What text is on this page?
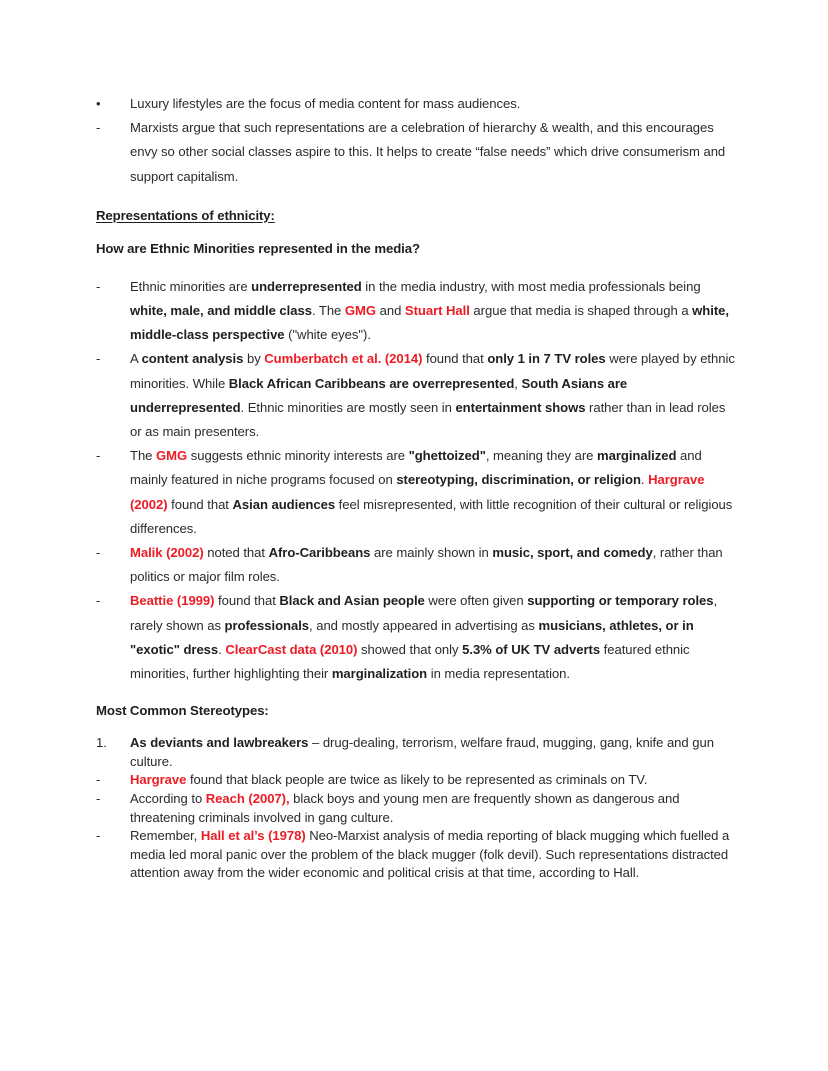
•	Luxury lifestyles are the focus of media content for mass audiences.
-	Marxists argue that such representations are a celebration of hierarchy & wealth, and this encourages envy so other social classes aspire to this. It helps to create “false needs” which drive consumerism and support capitalism.
Representations of ethnicity:
How are Ethnic Minorities represented in the media?
-	Ethnic minorities are underrepresented in the media industry, with most media professionals being white, male, and middle class. The GMG and Stuart Hall argue that media is shaped through a white, middle-class perspective ("white eyes").
-	A content analysis by Cumberbatch et al. (2014) found that only 1 in 7 TV roles were played by ethnic minorities. While Black African Caribbeans are overrepresented, South Asians are underrepresented. Ethnic minorities are mostly seen in entertainment shows rather than in lead roles or as main presenters.
-	The GMG suggests ethnic minority interests are "ghettoized", meaning they are marginalized and mainly featured in niche programs focused on stereotyping, discrimination, or religion. Hargrave (2002) found that Asian audiences feel misrepresented, with little recognition of their cultural or religious differences.
-	Malik (2002) noted that Afro-Caribbeans are mainly shown in music, sport, and comedy, rather than politics or major film roles.
-	Beattie (1999) found that Black and Asian people were often given supporting or temporary roles, rarely shown as professionals, and mostly appeared in advertising as musicians, athletes, or in "exotic" dress. ClearCast data (2010) showed that only 5.3% of UK TV adverts featured ethnic minorities, further highlighting their marginalization in media representation.
Most Common Stereotypes:
1.	As deviants and lawbreakers – drug-dealing, terrorism, welfare fraud, mugging, gang, knife and gun culture.
-	Hargrave found that black people are twice as likely to be represented as criminals on TV.
-	According to Reach (2007), black boys and young men are frequently shown as dangerous and threatening criminals involved in gang culture.
-	Remember, Hall et al’s (1978) Neo-Marxist analysis of media reporting of black mugging which fuelled a media led moral panic over the problem of the black mugger (folk devil). Such representations distracted attention away from the wider economic and political crisis at that time, according to Hall.
